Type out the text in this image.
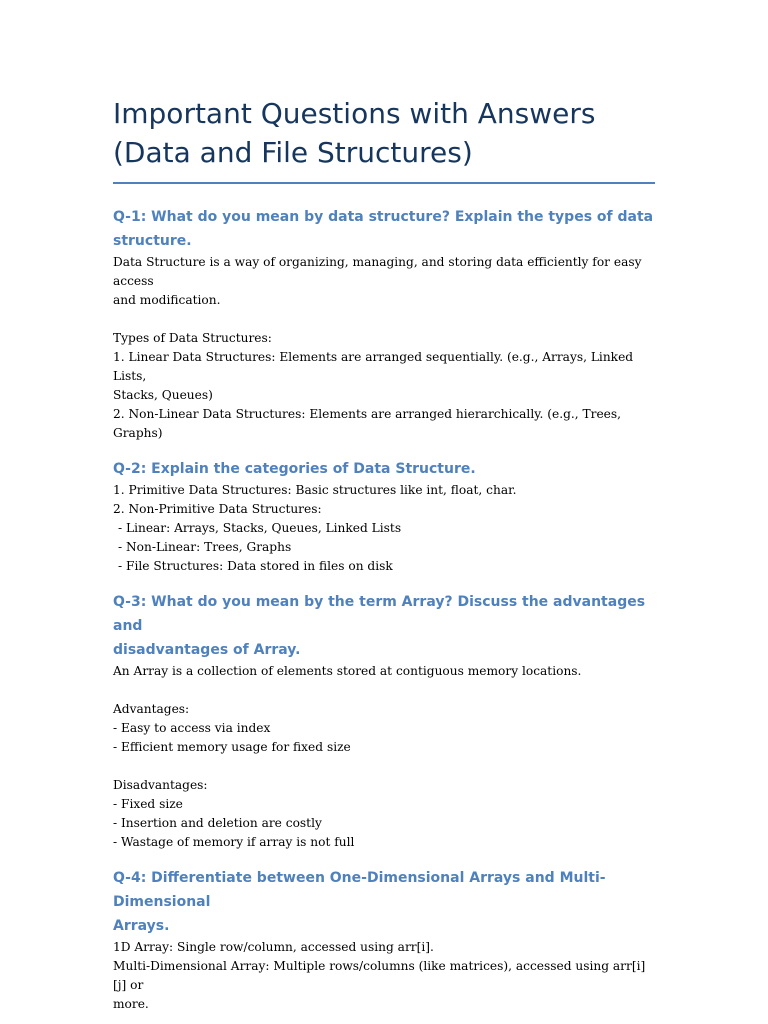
Important Questions with Answers
(Data and File Structures)
Q-1: What do you mean by data structure? Explain the types of data structure.

Data Structure is a way of organizing, managing, and storing data efficiently for easy access

and modification.

Types of Data Structures:

1. Linear Data Structures: Elements are arranged sequentially. (e.g., Arrays, Linked Lists,

Stacks, Queues)

2. Non-Linear Data Structures: Elements are arranged hierarchically. (e.g., Trees, Graphs)

Q-2: Explain the categories of Data Structure.

1. Primitive Data Structures: Basic structures like int, float, char.

2. Non-Primitive Data Structures:

- Linear: Arrays, Stacks, Queues, Linked Lists

- Non-Linear: Trees, Graphs

- File Structures: Data stored in files on disk

Q-3: What do you mean by the term Array? Discuss the advantages and
disadvantages of Array.

An Array is a collection of elements stored at contiguous memory locations.

Advantages:

- Easy to access via index

- Efficient memory usage for fixed size

Disadvantages:

- Fixed size

- Insertion and deletion are costly

- Wastage of memory if array is not full

Q-4: Differentiate between One-Dimensional Arrays and Multi-Dimensional
Arrays.

1D Array: Single row/column, accessed using arr[i].

Multi-Dimensional Array: Multiple rows/columns (like matrices), accessed using arr[i][j] or

more.
